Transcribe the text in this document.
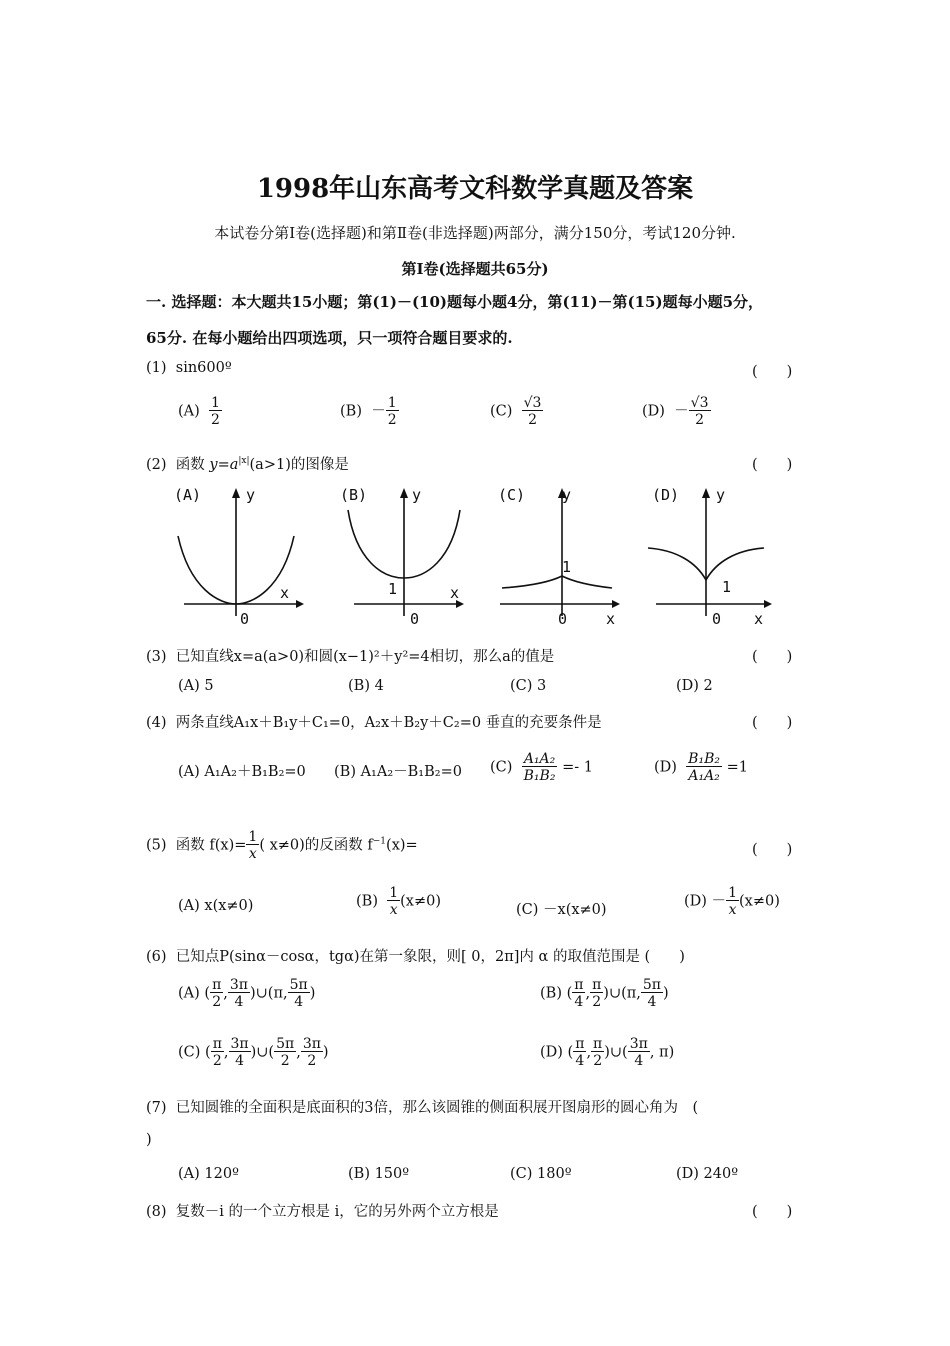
1998年山东高考文科数学真题及答案
本试卷分第Ⅰ卷(选择题)和第Ⅱ卷(非选择题)两部分，满分150分，考试120分钟.
第Ⅰ卷(选择题共65分)
一. 选择题：本大题共15小题；第(1)－(10)题每小题4分，第(11)－第(15)题每小题5分，
65分. 在每小题给出四项选项，只一项符合题目要求的.
(1) sin600º	(　　)
$(A) \frac{1}{2}$	$(B) - \frac{1}{2}$	$(C) \frac{√3}{2}$	$(D) - \frac{√3}{2}$
(2) 函数 $y=a^{|x|}(a>1)$的图像是	(　　)
(A)	y
x
0
(B)	y
x
0
1
(C) y
x
0
1
(D) y
x
0
1
(3) 已知直线x=a(a>0)和圆(x−1)²＋y²=4相切，那么a的值是	(　　)
(A) 5	(B) 4	(C) 3	(D) 2
(4) 两条直线A₁x＋B₁y＋C₁=0，A₂x＋B₂y＋C₂=0 垂直的充要条件是	(　　)
(A) A₁A₂＋B₁B₂=0 (B) A₁A₂－B₁B₂=0 $(C) \frac{\text{A₁A₂}}{\text{B₁B₂}} =- 1$	$(D) \frac{\text{B₁B₂}}{\text{A₁A₂}} =1$
(5) 函数 $f(x)= \frac{1}{x}$ ( x≠0)的反函数 $f^{-1}(x)=$	(　　)
(A) x(x≠0)	$(B) \frac{1}{x} (x\ne 0)$
(C) －x(x≠0)
$(D) - \frac{1}{x} (x\ne 0)$
(6) 已知点P(sinα－cosα，tgα)在第一象限，则[ 0，2π]内 α 的取值范围是 (　　)
(A) ( $\frac{\pi}{2}$ , $\frac{3\pi}{4}$ )∪(π, $\frac{5\pi}{4}$ )	(B) ( $\frac{\pi}{4}$ , $\frac{\pi}{2}$ )∪(π, $\frac{5\pi}{4}$ )
(C) ( $\frac{\pi}{2}$ , $\frac{3\pi}{4}$ )∪( $\frac{5\pi}{2}$ , $\frac{3\pi}{2}$ )	(D) ( $\frac{\pi}{4}$ , $\frac{\pi}{2}$ )∪( $\frac{3\pi}{4}$ , π)
(7) 已知圆锥的全面积是底面积的3倍，那么该圆锥的侧面积展开图扇形的圆心角为　(
)
(A) 120º	(B) 150º	(C) 180º	(D) 240º
(8) 复数－i 的一个立方根是 i，它的另外两个立方根是	(　　)
